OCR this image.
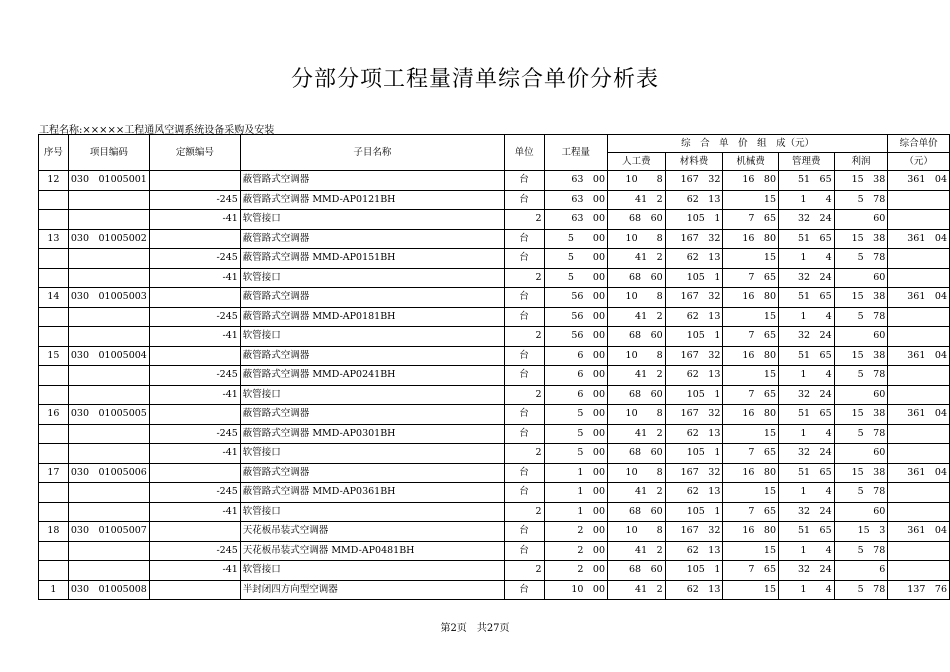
分部分项工程量清单综合单价分析表
工程名称:×××××工程通风空调系统设备采购及安装
序号	项目编码	定额编号	子目名称	单位	工程量	综　合　单　价　组　成（元）					综合单价
						人工费	材料费	机械费	管理费	利润	（元）
12	030　01005001		蔽管路式空调器	台	63　00	10　　8	167　32	16　80	51　65	15　38	361　04
		-245	蔽管路式空调器 MMD-AP0121BH	台	63　00	41　2	62　13	15	1　　4	5　78	
		-41	软管接口	2	63　00	68　60	105　1	7　65	32　24	60	
13	030　01005002		蔽管路式空调器	台	5　　00	10　　8	167　32	16　80	51　65	15　38	361　04
		-245	蔽管路式空调器 MMD-AP0151BH	台	5　　00	41　2	62　13	15	1　　4	5　78	
		-41	软管接口	2	5　　00	68　60	105　1	7　65	32　24	60	
14	030　01005003		蔽管路式空调器	台	56　00	10　　8	167　32	16　80	51　65	15　38	361　04
		-245	蔽管路式空调器 MMD-AP0181BH	台	56　00	41　2	62　13	15	1　　4	5　78	
		-41	软管接口	2	56　00	68　60	105　1	7　65	32　24	60	
15	030　01005004		蔽管路式空调器	台	6　00	10　　8	167　32	16　80	51　65	15　38	361　04
		-245	蔽管路式空调器 MMD-AP0241BH	台	6　00	41　2	62　13	15	1　　4	5　78	
		-41	软管接口	2	6　00	68　60	105　1	7　65	32　24	60	
16	030　01005005		蔽管路式空调器	台	5　00	10　　8	167　32	16　80	51　65	15　38	361　04
		-245	蔽管路式空调器 MMD-AP0301BH	台	5　00	41　2	62　13	15	1　　4	5　78	
		-41	软管接口	2	5　00	68　60	105　1	7　65	32　24	60	
17	030　01005006		蔽管路式空调器	台	1　00	10　　8	167　32	16　80	51　65	15　38	361　04
		-245	蔽管路式空调器 MMD-AP0361BH	台	1　00	41　2	62　13	15	1　　4	5　78	
		-41	软管接口	2	1　00	68　60	105　1	7　65	32　24	60	
18	030　01005007		天花板吊装式空调器	台	2　00	10　　8	167　32	16　80	51　65	15　3	361　04
		-245	天花板吊装式空调器 MMD-AP0481BH	台	2　00	41　2	62　13	15	1　　4	5　78	
		-41	软管接口	2	2　00	68　60	105　1	7　65	32　24	6	
1	030　01005008		半封闭四方向型空调器	台	10　00	41　2	62　13	15	1　　4	5　78	137　76
第2页　共27页
